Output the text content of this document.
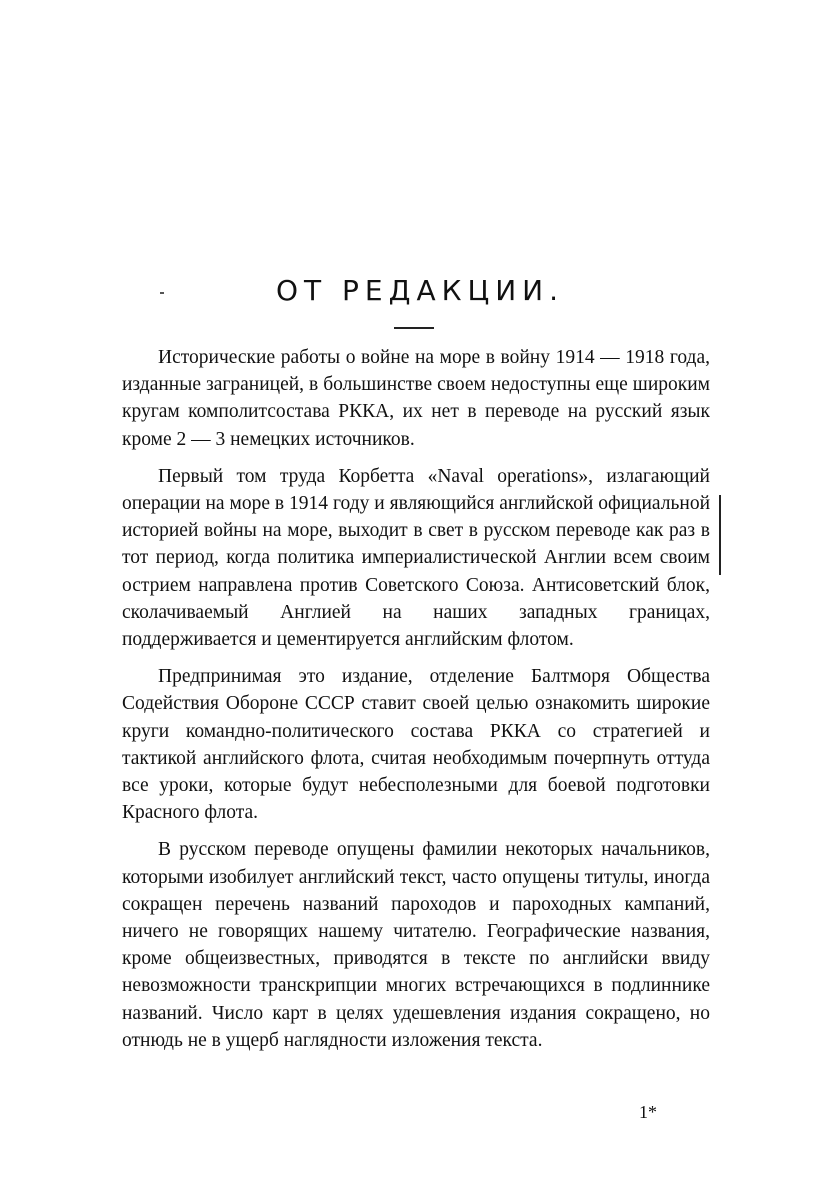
ОТ РЕДАКЦИИ.

Исторические работы о войне на море в войну 1914 — 1918 года, изданные заграницей, в большинстве своем недоступны еще широким кругам комполитсостава РККА, их нет в переводе на русский язык кроме 2 — 3 немецких источников.

Первый том труда Корбетта «Naval operations», излагающий операции на море в 1914 году и являющийся английской официальной историей войны на море, выходит в свет в русском переводе как раз в тот период, когда политика империалистической Англии всем своим острием направлена против Советского Союза. Антисоветский блок, сколачиваемый Англией на наших западных границах, поддерживается и цементируется английским флотом.

Предпринимая это издание, отделение Балтморя Общества Содействия Обороне СССР ставит своей целью ознакомить широкие круги командно-политического состава РККА со стратегией и тактикой английского флота, считая необходимым почерпнуть оттуда все уроки, которые будут небесполезными для боевой подготовки Красного флота.

В русском переводе опущены фамилии некоторых начальников, которыми изобилует английский текст, часто опущены титулы, иногда сокращен перечень названий пароходов и пароходных кампаний, ничего не говорящих нашему читателю. Географические названия, кроме общеизвестных, приводятся в тексте по английски ввиду невозможности транскрипции многих встречающихся в подлиннике названий. Число карт в целях удешевления издания сокращено, но отнюдь не в ущерб наглядности изложения текста.

1*
